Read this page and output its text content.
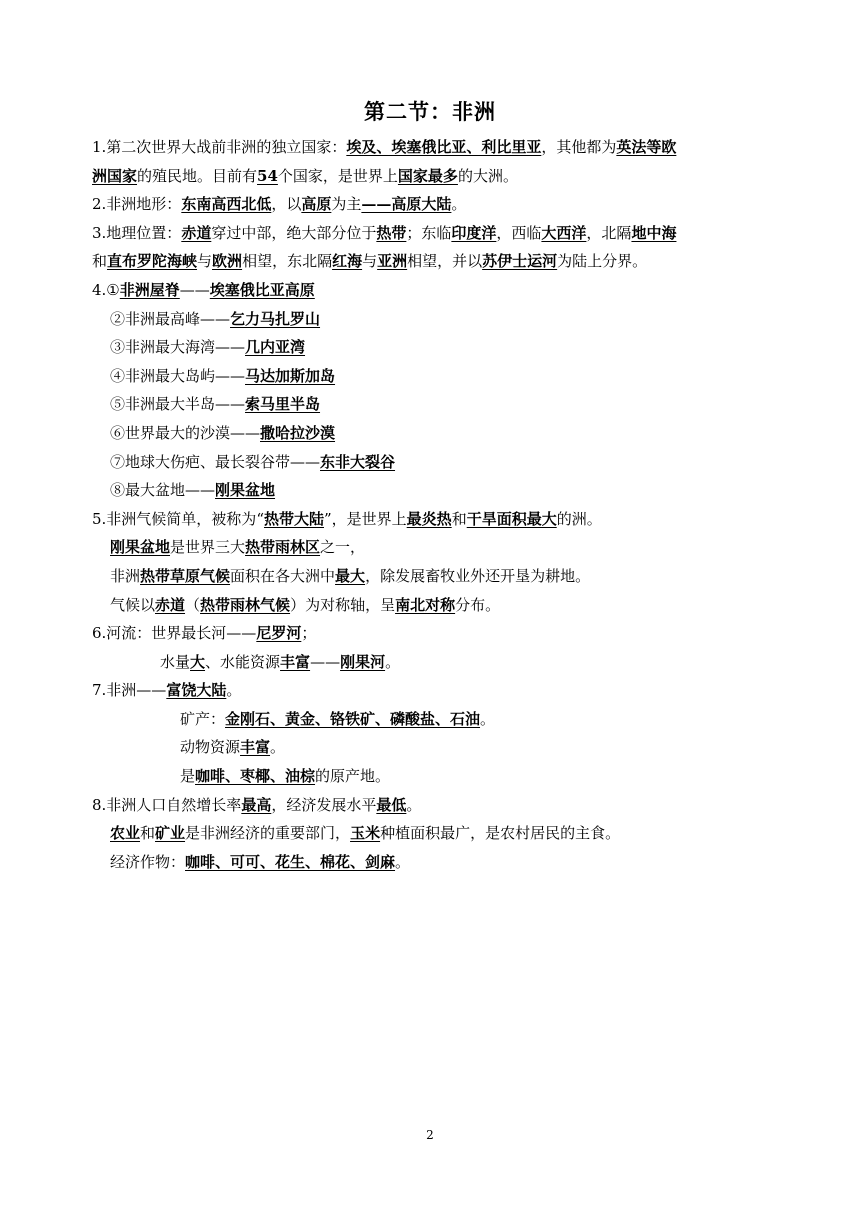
第二节：非洲
1.第二次世界大战前非洲的独立国家：埃及、埃塞俄比亚、利比里亚，其他都为英法等欧
洲国家的殖民地。目前有54个国家，是世界上国家最多的大洲。
2.非洲地形：东南高西北低，以高原为主——高原大陆。
3.地理位置：赤道穿过中部，绝大部分位于热带；东临印度洋，西临大西洋，北隔地中海
和直布罗陀海峡与欧洲相望，东北隔红海与亚洲相望，并以苏伊士运河为陆上分界。
4.①非洲屋脊——埃塞俄比亚高原
②非洲最高峰——乞力马扎罗山
③非洲最大海湾——几内亚湾
④非洲最大岛屿——马达加斯加岛
⑤非洲最大半岛——索马里半岛
⑥世界最大的沙漠——撒哈拉沙漠
⑦地球大伤疤、最长裂谷带——东非大裂谷
⑧最大盆地——刚果盆地
5.非洲气候简单，被称为“热带大陆”，是世界上最炎热和干旱面积最大的洲。
刚果盆地是世界三大热带雨林区之一，
非洲热带草原气候面积在各大洲中最大，除发展畜牧业外还开垦为耕地。
气候以赤道（热带雨林气候）为对称轴，呈南北对称分布。
6.河流：世界最长河——尼罗河；
水量大、水能资源丰富——刚果河。
7.非洲——富饶大陆。
矿产：金刚石、黄金、铬铁矿、磷酸盐、石油。
动物资源丰富。
是咖啡、枣椰、油棕的原产地。
8.非洲人口自然增长率最高，经济发展水平最低。
农业和矿业是非洲经济的重要部门，玉米种植面积最广，是农村居民的主食。
经济作物：咖啡、可可、花生、棉花、剑麻。
2
